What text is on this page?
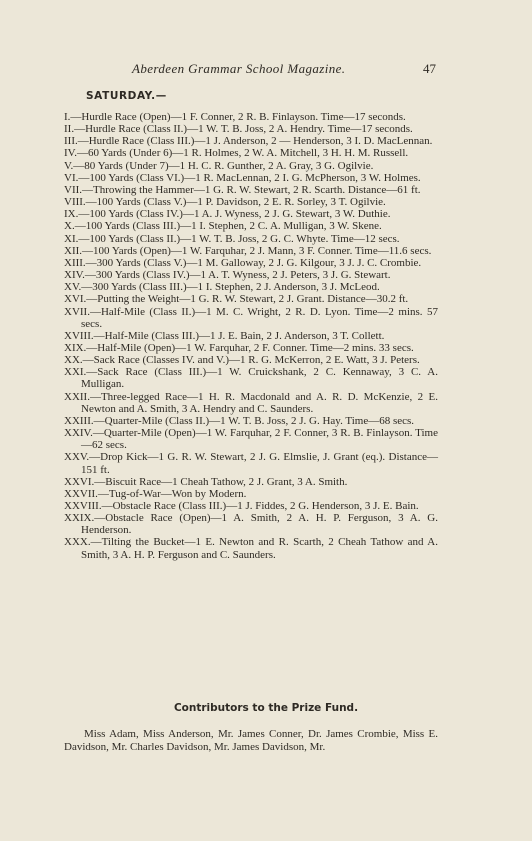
Aberdeen Grammar School Magazine.	47
SATURDAY.—
I.—Hurdle Race (Open)—1 F. Conner, 2 R. B. Finlayson. Time—17 seconds.
II.—Hurdle Race (Class II.)—1 W. T. B. Joss, 2 A. Hendry. Time—17 seconds.
III.—Hurdle Race (Class III.)—1 J. Anderson, 2 — Henderson, 3 I. D. MacLennan.
IV.—60 Yards (Under 6)—1 R. Holmes, 2 W. A. Mitchell, 3 H. H. M. Russell.
V.—80 Yards (Under 7)—1 H. C. R. Gunther, 2 A. Gray, 3 G. Ogilvie.
VI.—100 Yards (Class VI.)—1 R. MacLennan, 2 I. G. McPherson, 3 W. Holmes.
VII.—Throwing the Hammer—1 G. R. W. Stewart, 2 R. Scarth. Distance—61 ft.
VIII.—100 Yards (Class V.)—1 P. Davidson, 2 E. R. Sorley, 3 T. Ogilvie.
IX.—100 Yards (Class IV.)—1 A. J. Wyness, 2 J. G. Stewart, 3 W. Duthie.
X.—100 Yards (Class III.)—1 I. Stephen, 2 C. A. Mulligan, 3 W. Skene.
XI.—100 Yards (Class II.)—1 W. T. B. Joss, 2 G. C. Whyte. Time—12 secs.
XII.—100 Yards (Open)—1 W. Farquhar, 2 J. Mann, 3 F. Conner. Time—11.6 secs.
XIII.—300 Yards (Class V.)—1 M. Galloway, 2 J. G. Kilgour, 3 J. J. C. Crombie.
XIV.—300 Yards (Class IV.)—1 A. T. Wyness, 2 J. Peters, 3 J. G. Stewart.
XV.—300 Yards (Class III.)—1 I. Stephen, 2 J. Anderson, 3 J. McLeod.
XVI.—Putting the Weight—1 G. R. W. Stewart, 2 J. Grant. Distance—30.2 ft.
XVII.—Half-Mile (Class II.)—1 M. C. Wright, 2 R. D. Lyon. Time—2 mins. 57 secs.
XVIII.—Half-Mile (Class III.)—1 J. E. Bain, 2 J. Anderson, 3 T. Collett.
XIX.—Half-Mile (Open)—1 W. Farquhar, 2 F. Conner. Time—2 mins. 33 secs.
XX.—Sack Race (Classes IV. and V.)—1 R. G. McKerron, 2 E. Watt, 3 J. Peters.
XXI.—Sack Race (Class III.)—1 W. Cruickshank, 2 C. Kennaway, 3 C. A. Mulligan.
XXII.—Three-legged Race—1 H. R. Macdonald and A. R. D. McKenzie, 2 E. Newton and A. Smith, 3 A. Hendry and C. Saunders.
XXIII.—Quarter-Mile (Class II.)—1 W. T. B. Joss, 2 J. G. Hay. Time—68 secs.
XXIV.—Quarter-Mile (Open)—1 W. Farquhar, 2 F. Conner, 3 R. B. Finlayson. Time—62 secs.
XXV.—Drop Kick—1 G. R. W. Stewart, 2 J. G. Elmslie, J. Grant (eq.). Distance—151 ft.
XXVI.—Biscuit Race—1 Cheah Tathow, 2 J. Grant, 3 A. Smith.
XXVII.—Tug-of-War—Won by Modern.
XXVIII.—Obstacle Race (Class III.)—1 J. Fiddes, 2 G. Henderson, 3 J. E. Bain.
XXIX.—Obstacle Race (Open)—1 A. Smith, 2 A. H. P. Ferguson, 3 A. G. Henderson.
XXX.—Tilting the Bucket—1 E. Newton and R. Scarth, 2 Cheah Tathow and A. Smith, 3 A. H. P. Ferguson and C. Saunders.
Contributors to the Prize Fund.

Miss Adam, Miss Anderson, Mr. James Conner, Dr. James Crombie, Miss E. Davidson, Mr. Charles Davidson, Mr. James Davidson, Mr.
